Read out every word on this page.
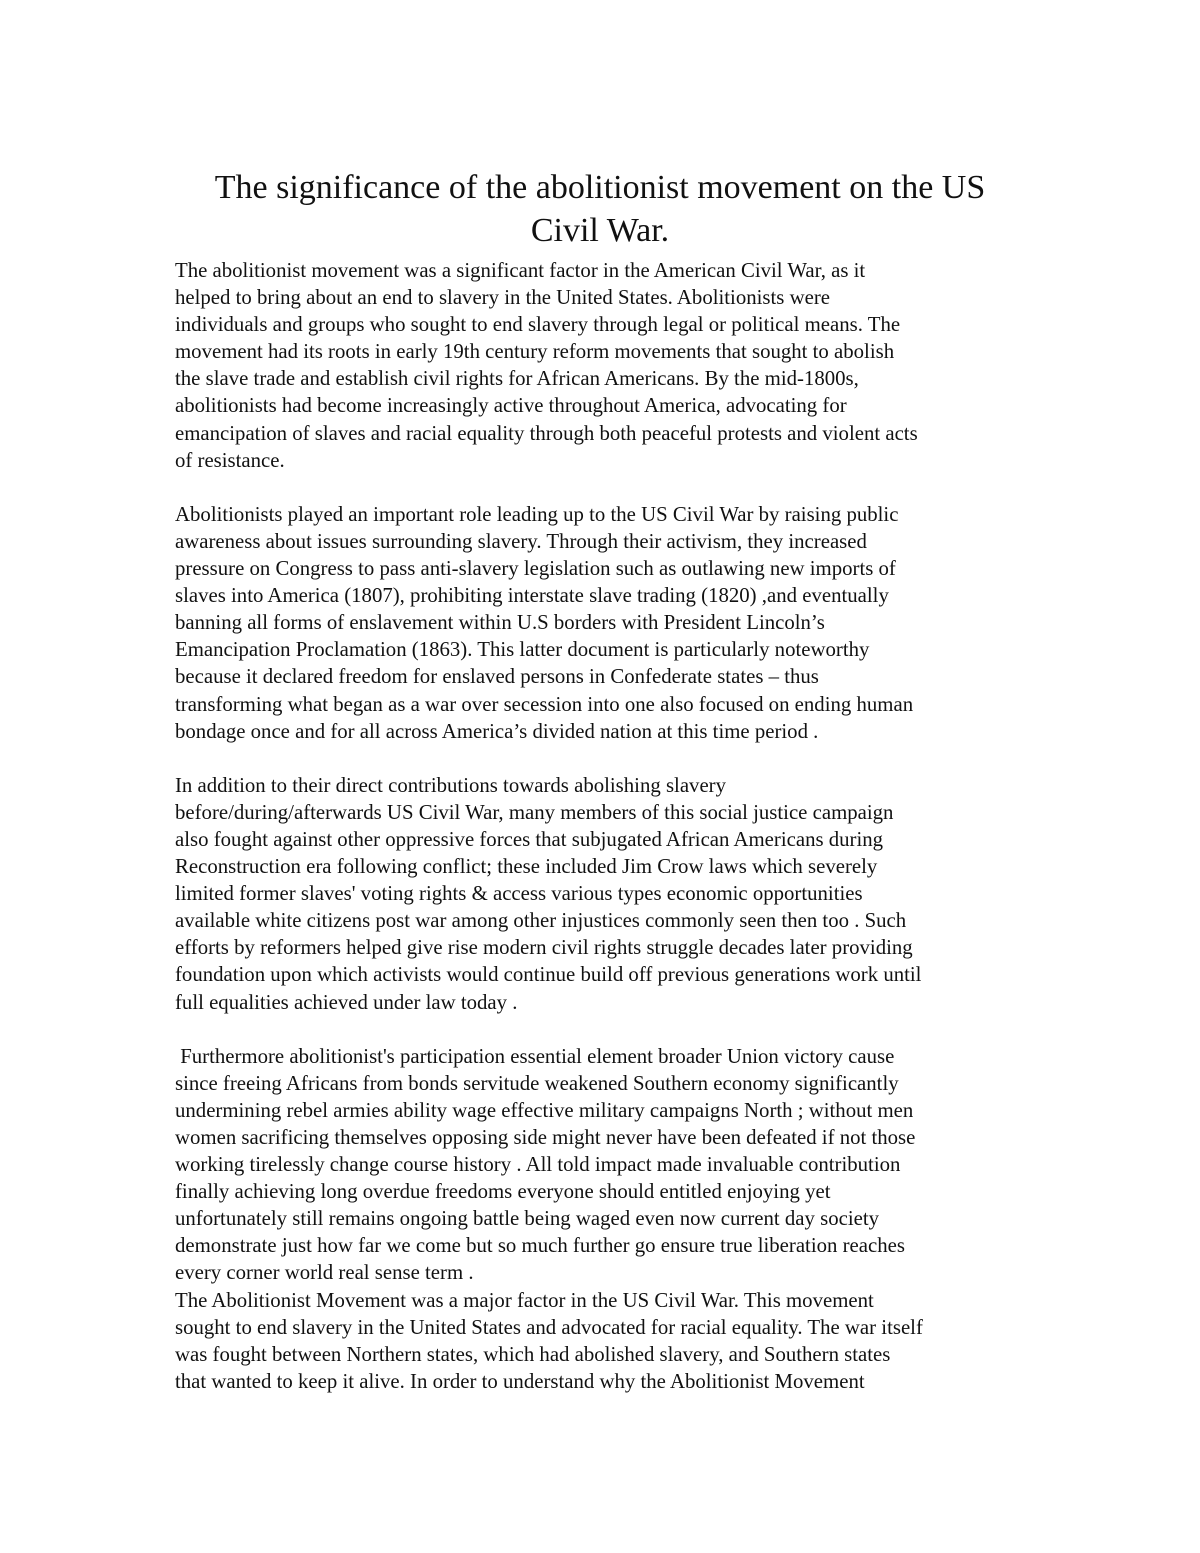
The significance of the abolitionist movement on the US
Civil War.
The abolitionist movement was a significant factor in the American Civil War, as it
helped to bring about an end to slavery in the United States. Abolitionists were
individuals and groups who sought to end slavery through legal or political means. The
movement had its roots in early 19th century reform movements that sought to abolish
the slave trade and establish civil rights for African Americans. By the mid-1800s,
abolitionists had become increasingly active throughout America, advocating for
emancipation of slaves and racial equality through both peaceful protests and violent acts
of resistance.
Abolitionists played an important role leading up to the US Civil War by raising public
awareness about issues surrounding slavery. Through their activism, they increased
pressure on Congress to pass anti-slavery legislation such as outlawing new imports of
slaves into America (1807), prohibiting interstate slave trading (1820) ,and eventually
banning all forms of enslavement within U.S borders with President Lincoln’s
Emancipation Proclamation (1863). This latter document is particularly noteworthy
because it declared freedom for enslaved persons in Confederate states – thus
transforming what began as a war over secession into one also focused on ending human
bondage once and for all across America’s divided nation at this time period .
In addition to their direct contributions towards abolishing slavery
before/during/afterwards US Civil War, many members of this social justice campaign
also fought against other oppressive forces that subjugated African Americans during
Reconstruction era following conflict; these included Jim Crow laws which severely
limited former slaves' voting rights & access various types economic opportunities
available white citizens post war among other injustices commonly seen then too . Such
efforts by reformers helped give rise modern civil rights struggle decades later providing
foundation upon which activists would continue build off previous generations work until
full equalities achieved under law today .
Furthermore abolitionist's participation essential element broader Union victory cause
since freeing Africans from bonds servitude weakened Southern economy significantly
undermining rebel armies ability wage effective military campaigns North ; without men
women sacrificing themselves opposing side might never have been defeated if not those
working tirelessly change course history . All told impact made invaluable contribution
finally achieving long overdue freedoms everyone should entitled enjoying yet
unfortunately still remains ongoing battle being waged even now current day society
demonstrate just how far we come but so much further go ensure true liberation reaches
every corner world real sense term .
The Abolitionist Movement was a major factor in the US Civil War. This movement
sought to end slavery in the United States and advocated for racial equality. The war itself
was fought between Northern states, which had abolished slavery, and Southern states
that wanted to keep it alive. In order to understand why the Abolitionist Movement
